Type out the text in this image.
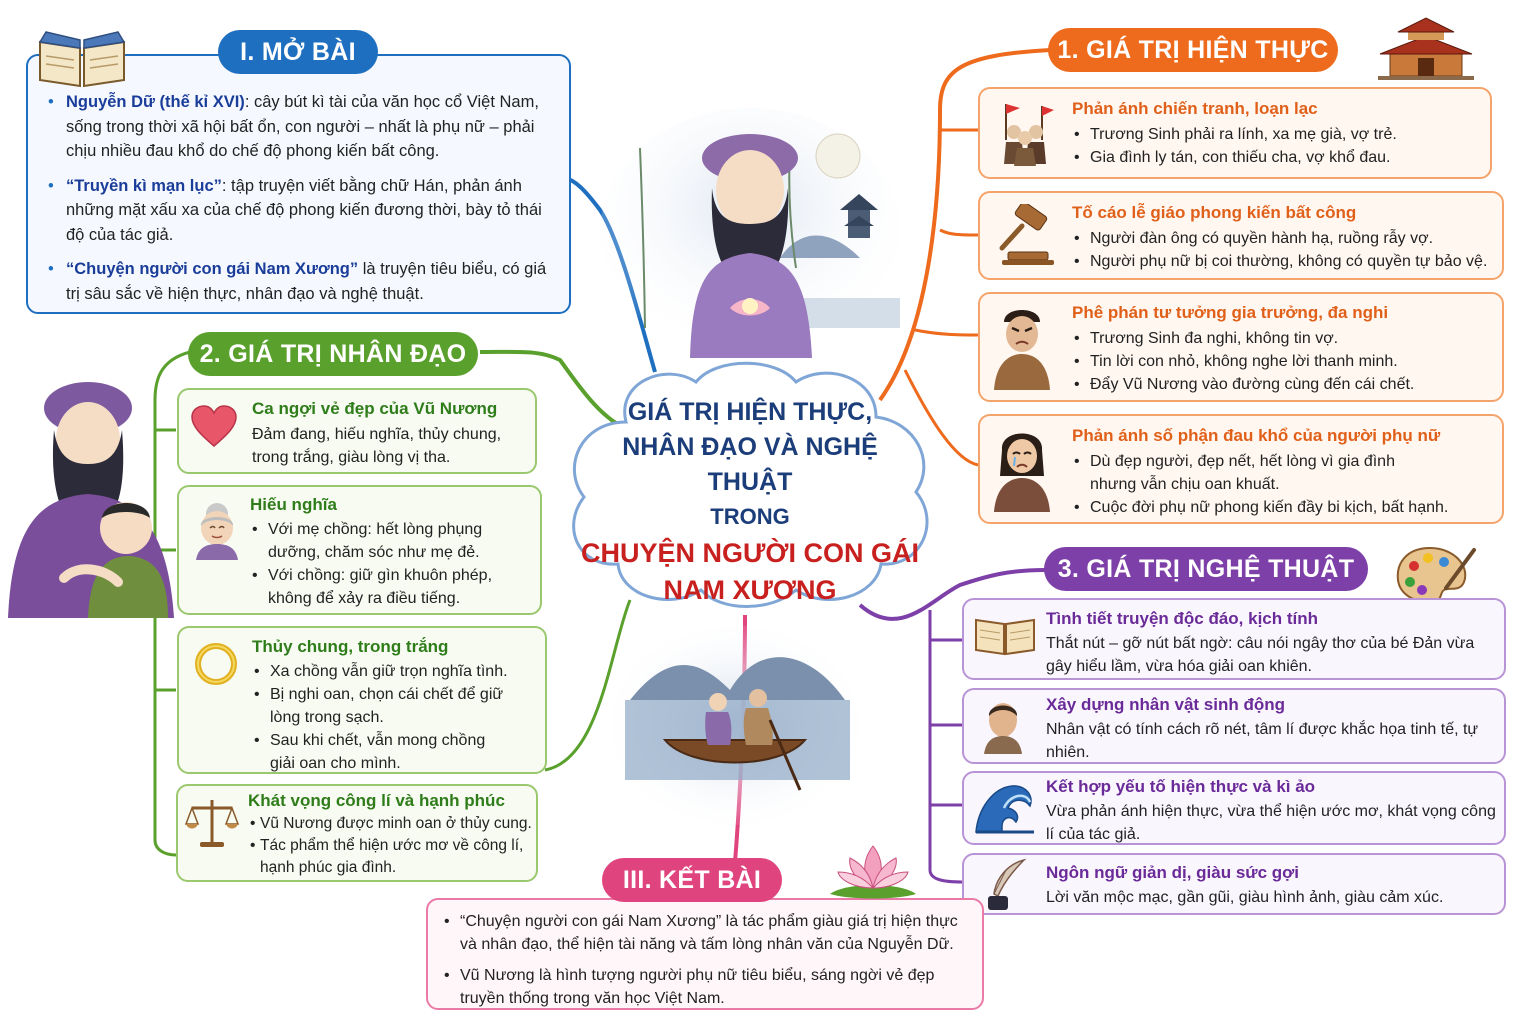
I. MỞ BÀI
• Nguyễn Dữ (thế kỉ XVI): cây bút kì tài của văn học cổ Việt Nam, sống trong thời xã hội bất ổn, con người – nhất là phụ nữ – phải chịu nhiều đau khổ do chế độ phong kiến bất công.
• “Truyền kì mạn lục”: tập truyện viết bằng chữ Hán, phản ánh những mặt xấu xa của chế độ phong kiến đương thời, bày tỏ thái độ của tác giả.
• “Chuyện người con gái Nam Xương” là truyện tiêu biểu, có giá trị sâu sắc về hiện thực, nhân đạo và nghệ thuật.
GIÁ TRỊ HIỆN THỰC,
NHÂN ĐẠO VÀ NGHỆ THUẬT
TRONG
CHUYỆN NGƯỜI CON GÁI
NAM XƯƠNG
1. GIÁ TRỊ HIỆN THỰC
Phản ánh chiến tranh, loạn lạc
• Trương Sinh phải ra lính, xa mẹ già, vợ trẻ.
• Gia đình ly tán, con thiếu cha, vợ khổ đau.
Tố cáo lễ giáo phong kiến bất công
• Người đàn ông có quyền hành hạ, ruồng rẫy vợ.
• Người phụ nữ bị coi thường, không có quyền tự bảo vệ.
Phê phán tư tưởng gia trưởng, đa nghi
• Trương Sinh đa nghi, không tin vợ.
• Tin lời con nhỏ, không nghe lời thanh minh.
• Đẩy Vũ Nương vào đường cùng đến cái chết.
Phản ánh số phận đau khổ của người phụ nữ
• Dù đẹp người, đẹp nết, hết lòng vì gia đình nhưng vẫn chịu oan khuất.
• Cuộc đời phụ nữ phong kiến đầy bi kịch, bất hạnh.
2. GIÁ TRỊ NHÂN ĐẠO
Ca ngợi vẻ đẹp của Vũ Nương
Đảm đang, hiếu nghĩa, thủy chung, trong trắng, giàu lòng vị tha.
Hiếu nghĩa
• Với mẹ chồng: hết lòng phụng dưỡng, chăm sóc như mẹ đẻ.
• Với chồng: giữ gìn khuôn phép, không để xảy ra điều tiếng.
Thủy chung, trong trắng
• Xa chồng vẫn giữ trọn nghĩa tình.
• Bị nghi oan, chọn cái chết để giữ lòng trong sạch.
• Sau khi chết, vẫn mong chồng giải oan cho mình.
Khát vọng công lí và hạnh phúc
• Vũ Nương được minh oan ở thủy cung.
• Tác phẩm thể hiện ước mơ về công lí, hạnh phúc gia đình.
3. GIÁ TRỊ NGHỆ THUẬT
Tình tiết truyện độc đáo, kịch tính
Thắt nút – gỡ nút bất ngờ: câu nói ngây thơ của bé Đản vừa gây hiểu lầm, vừa hóa giải oan khiên.
Xây dựng nhân vật sinh động
Nhân vật có tính cách rõ nét, tâm lí được khắc họa tinh tế, tự nhiên.
Kết hợp yếu tố hiện thực và kì ảo
Vừa phản ánh hiện thực, vừa thể hiện ước mơ, khát vọng công lí của tác giả.
Ngôn ngữ giản dị, giàu sức gợi
Lời văn mộc mạc, gần gũi, giàu hình ảnh, giàu cảm xúc.
III. KẾT BÀI
• “Chuyện người con gái Nam Xương” là tác phẩm giàu giá trị hiện thực và nhân đạo, thể hiện tài năng và tấm lòng nhân văn của Nguyễn Dữ.
• Vũ Nương là hình tượng người phụ nữ tiêu biểu, sáng ngời vẻ đẹp truyền thống trong văn học Việt Nam.
